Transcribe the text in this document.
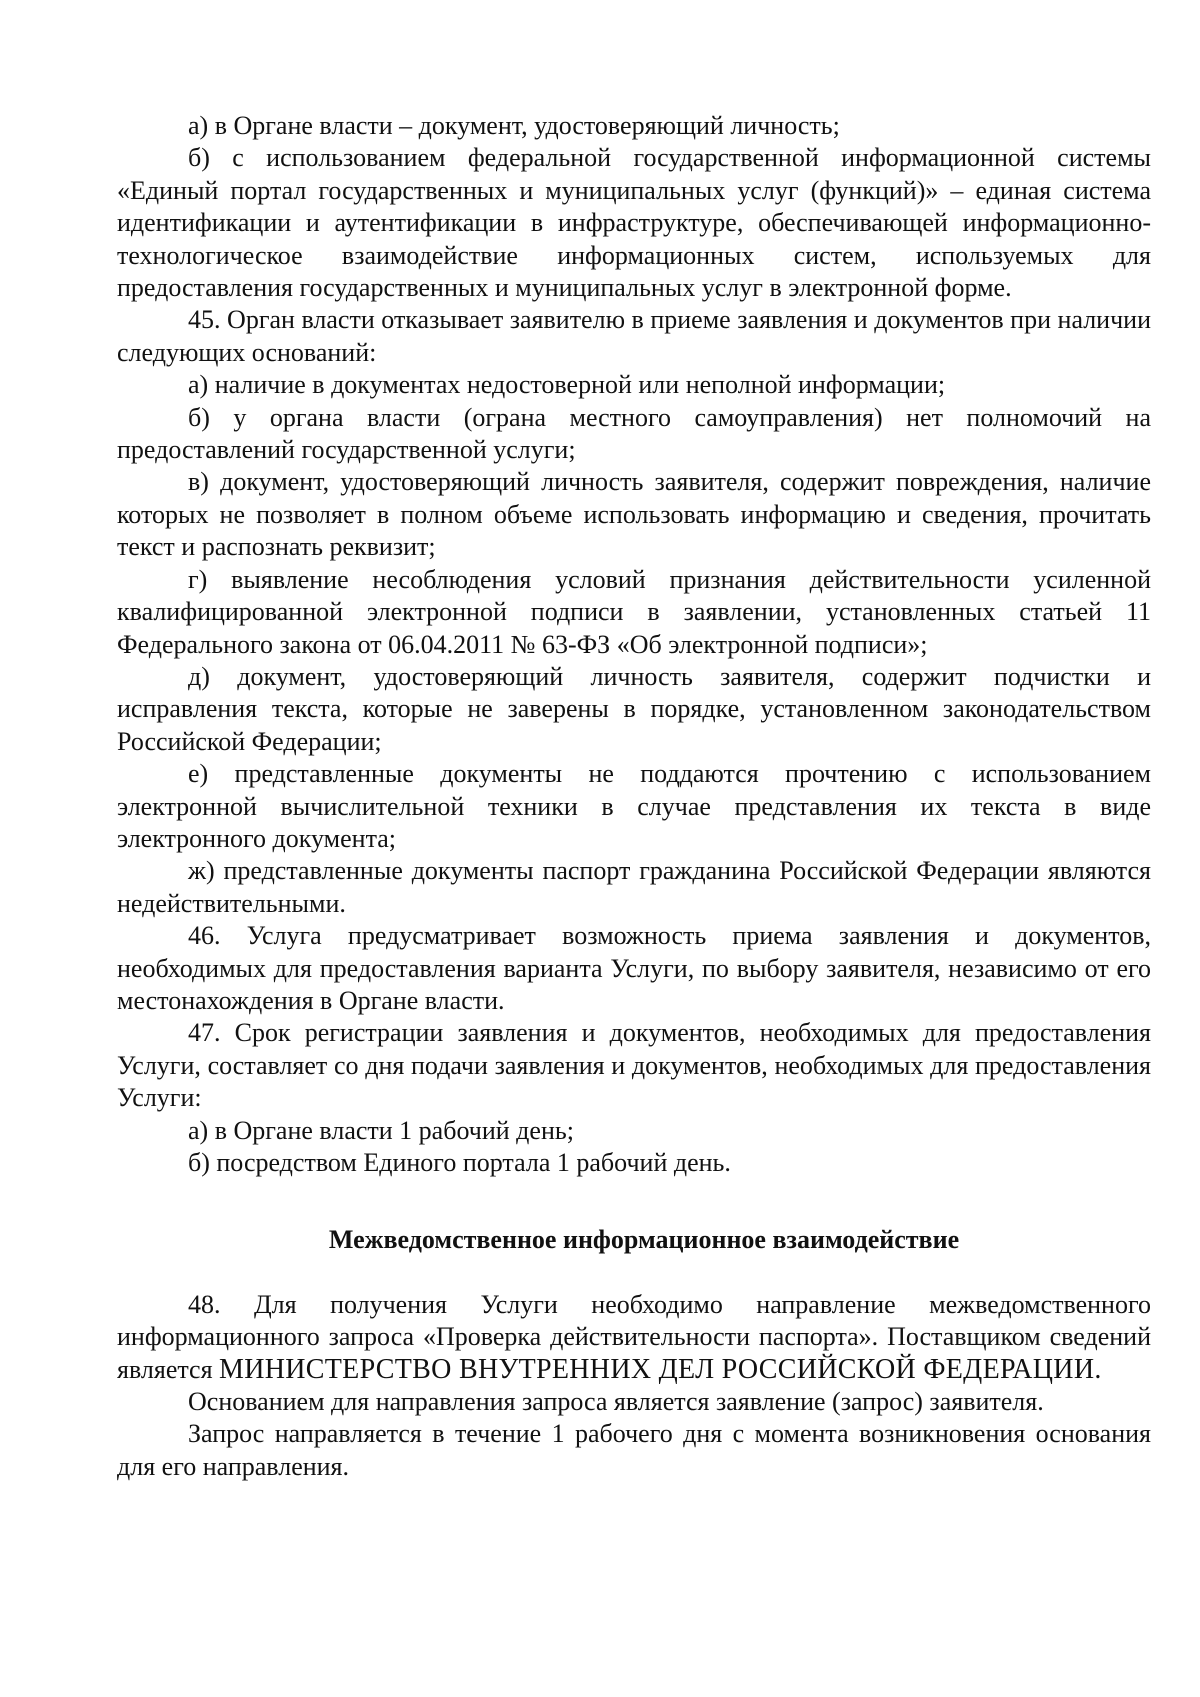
а) в Органе власти – документ, удостоверяющий личность;

б) с использованием федеральной государственной информационной системы «Единый портал государственных и муниципальных услуг (функций)» – единая система идентификации и аутентификации в инфраструктуре, обеспечивающей информационно-технологическое взаимодействие информационных систем, используемых для предоставления государственных и муниципальных услуг в электронной форме.

45. Орган власти отказывает заявителю в приеме заявления и документов при наличии следующих оснований:

а) наличие в документах недостоверной или неполной информации;

б) у органа власти (ограна местного самоуправления) нет полномочий на предоставлений государственной услуги;

в) документ, удостоверяющий личность заявителя, содержит повреждения, наличие которых не позволяет в полном объеме использовать информацию и сведения, прочитать текст и распознать реквизит;

г) выявление несоблюдения условий признания действительности усиленной квалифицированной электронной подписи в заявлении, установленных статьей 11 Федерального закона от 06.04.2011 № 63-ФЗ «Об электронной подписи»;

д) документ, удостоверяющий личность заявителя, содержит подчистки и исправления текста, которые не заверены в порядке, установленном законодательством Российской Федерации;

е) представленные документы не поддаются прочтению с использованием электронной вычислительной техники в случае представления их текста в виде электронного документа;

ж) представленные документы паспорт гражданина Российской Федерации являются недействительными.

46. Услуга предусматривает возможность приема заявления и документов, необходимых для предоставления варианта Услуги, по выбору заявителя, независимо от его местонахождения в Органе власти.

47. Срок регистрации заявления и документов, необходимых для предоставления Услуги, составляет со дня подачи заявления и документов, необходимых для предоставления Услуги:

а) в Органе власти 1 рабочий день;

б) посредством Единого портала 1 рабочий день.

Межведомственное информационное взаимодействие

48. Для получения Услуги необходимо направление межведомственного информационного запроса «Проверка действительности паспорта». Поставщиком сведений является МИНИСТЕРСТВО ВНУТРЕННИХ ДЕЛ РОССИЙСКОЙ ФЕДЕРАЦИИ.

Основанием для направления запроса является заявление (запрос) заявителя.

Запрос направляется в течение 1 рабочего дня с момента возникновения основания для его направления.
